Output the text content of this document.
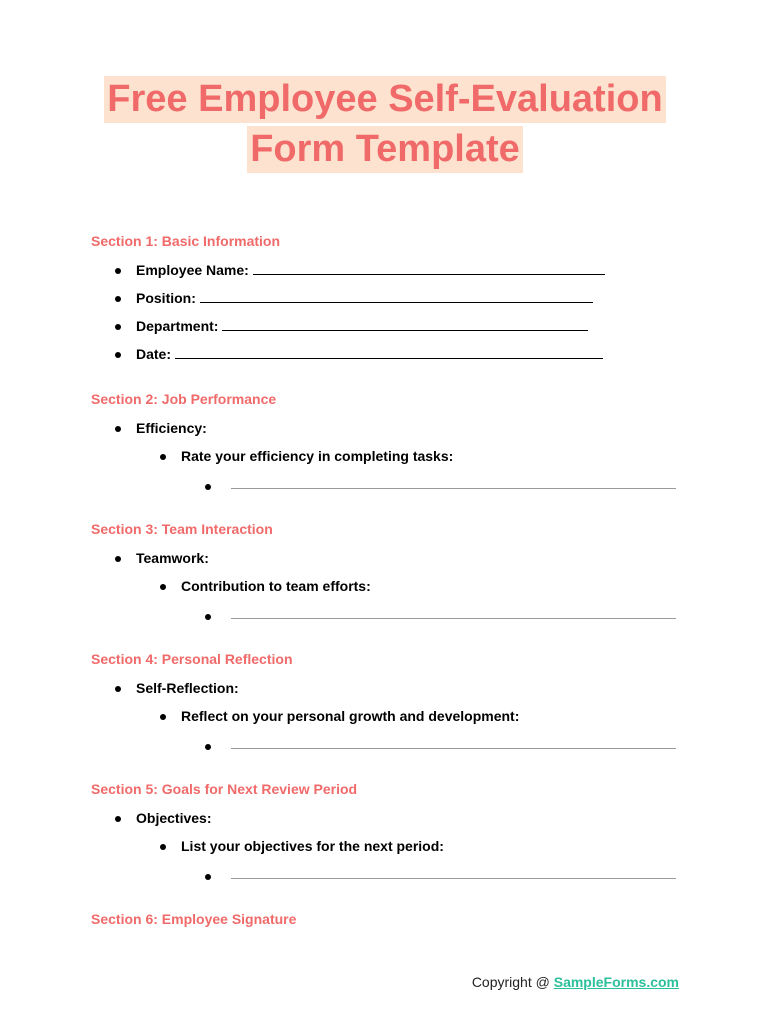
Free Employee Self-Evaluation
Form Template
Section 1: Basic Information
Employee Name:
Position:
Department:
Date:
Section 2: Job Performance
Efficiency:
Rate your efficiency in completing tasks:
Section 3: Team Interaction
Teamwork:
Contribution to team efforts:
Section 4: Personal Reflection
Self-Reflection:
Reflect on your personal growth and development:
Section 5: Goals for Next Review Period
Objectives:
List your objectives for the next period:
Section 6: Employee Signature
Copyright @ SampleForms.com
